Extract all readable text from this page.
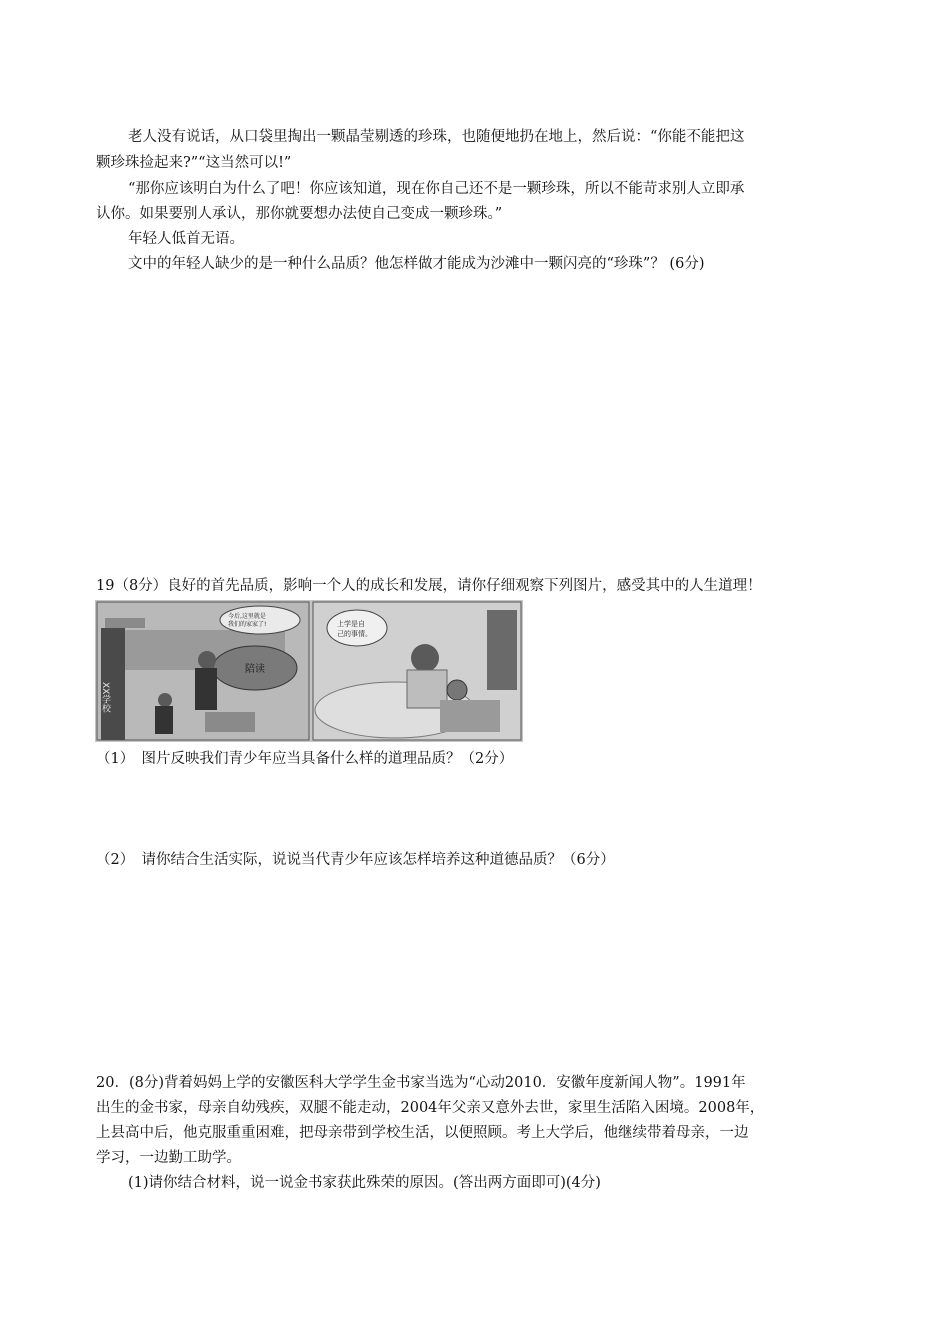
老人没有说话，从口袋里掏出一颗晶莹剔透的珍珠，也随便地扔在地上，然后说：“你能不能把这
颗珍珠捡起来?”“这当然可以!”
“那你应该明白为什么了吧！你应该知道，现在你自己还不是一颗珍珠，所以不能苛求别人立即承
认你。如果要别人承认，那你就要想办法使自己变成一颗珍珠。”
年轻人低首无语。
文中的年轻人缺少的是一种什么品质？他怎样做才能成为沙滩中一颗闪亮的“珍珠”？ (6分)
19（8分）良好的首先品质，影响一个人的成长和发展，请你仔细观察下列图片，感受其中的人生道理！
陪读
今后,这里就是
我们的家家了!
XX学校
上学是自
己的事情。
（1）　图片反映我们青少年应当具备什么样的道理品质？（2分）
（2）　请你结合生活实际，说说当代青少年应该怎样培养这种道德品质？（6分）
20．(8分)背着妈妈上学的安徽医科大学学生金书家当选为“心动2010．安徽年度新闻人物”。1991年
出生的金书家，母亲自幼残疾，双腿不能走动，2004年父亲又意外去世，家里生活陷入困境。2008年，
上县高中后，他克服重重困难，把母亲带到学校生活，以便照顾。考上大学后，他继续带着母亲，一边
学习，一边勤工助学。
(1)请你结合材料，说一说金书家获此殊荣的原因。(答出两方面即可)(4分)
